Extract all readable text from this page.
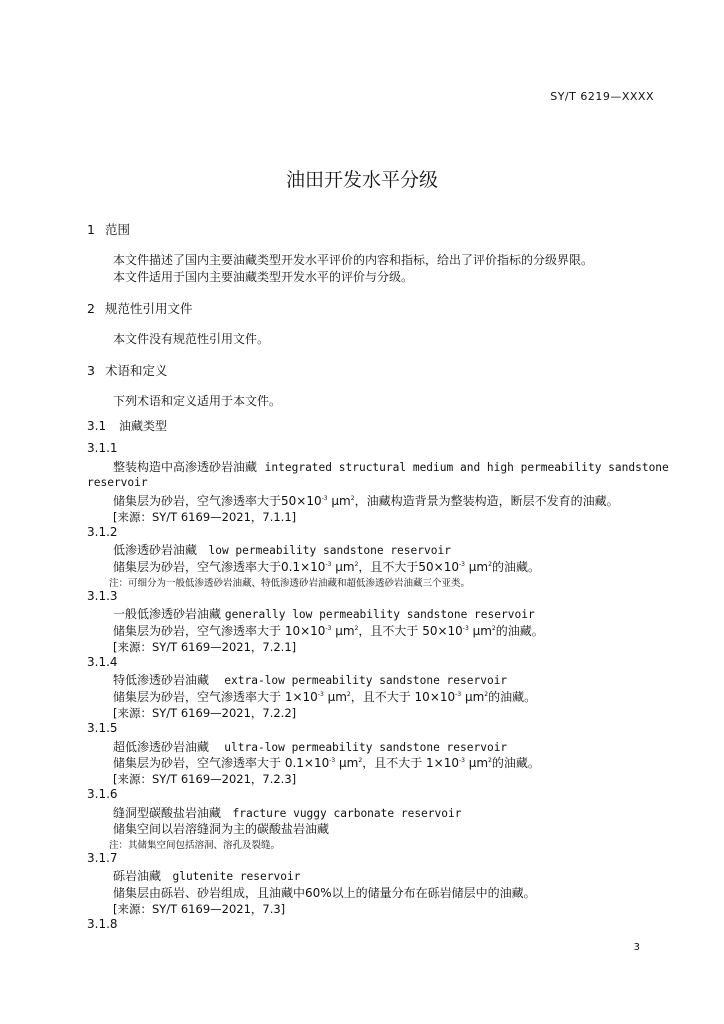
SY/T 6219—XXXX
油田开发水平分级
1 范围
本文件描述了国内主要油藏类型开发水平评价的内容和指标，给出了评价指标的分级界限。
本文件适用于国内主要油藏类型开发水平的评价与分级。
2 规范性引用文件
本文件没有规范性引用文件。
3 术语和定义
下列术语和定义适用于本文件。
3.1 油藏类型
3.1.1
整装构造中高渗透砂岩油藏 integrated structural medium and high permeability sandstone
reservoir
储集层为砂岩，空气渗透率大于$50\times 10^{-3}$ $\mu m^2$，油藏构造背景为整装构造，断层不发育的油藏。
[来源：SY/T 6169—2021，7.1.1]
3.1.2
低渗透砂岩油藏 low permeability sandstone reservoir
储集层为砂岩，空气渗透率大于$0.1\times 10^{-3}$ $\mu m^2$，且不大于$50\times 10^{-3}$ $\mu m^2$的油藏。
注：可细分为一般低渗透砂岩油藏、特低渗透砂岩油藏和超低渗透砂岩油藏三个亚类。
3.1.3
一般低渗透砂岩油藏 generally low permeability sandstone reservoir
储集层为砂岩，空气渗透率大于 $10\times 10^{-3}$ $\mu m^2$，且不大于 $50\times 10^{-3}$ $\mu m^2$的油藏。
[来源：SY/T 6169—2021，7.2.1]
3.1.4
特低渗透砂岩油藏 extra-low permeability sandstone reservoir
储集层为砂岩，空气渗透率大于 $1\times 10^{-3}$ $\mu m^2$，且不大于 $10\times 10^{-3}$ $\mu m^2$的油藏。
[来源：SY/T 6169—2021，7.2.2]
3.1.5
超低渗透砂岩油藏 ultra-low permeability sandstone reservoir
储集层为砂岩，空气渗透率大于 $0.1\times 10^{-3}$ $\mu m^2$，且不大于 $1\times 10^{-3}$ $\mu m^2$的油藏。
[来源：SY/T 6169—2021，7.2.3]
3.1.6
缝洞型碳酸盐岩油藏 fracture vuggy carbonate reservoir
储集空间以岩溶缝洞为主的碳酸盐岩油藏
注：其储集空间包括溶洞、溶孔及裂缝。
3.1.7
砾岩油藏 glutenite reservoir
储集层由砾岩、砂岩组成，且油藏中60%以上的储量分布在砾岩储层中的油藏。
[来源：SY/T 6169—2021，7.3]
3.1.8
3
